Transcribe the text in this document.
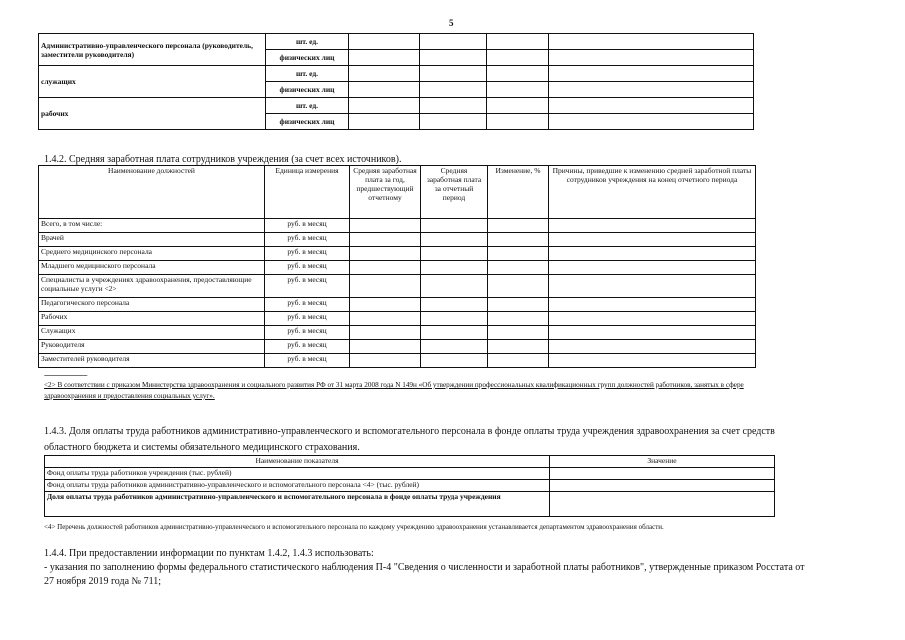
5
Административно-управленческого персонала (руководитель, заместители руководителя)	шт. ед.				
	физических лиц				
служащих	шт. ед.				
	физических лиц				
рабочих	шт. ед.				
	физических лиц				
1.4.2. Средняя заработная плата сотрудников учреждения (за счет всех источников).
Наименование должностей	Единица измерения	Средняя заработная плата за год, предшествующий отчетному	Средняя заработная плата за отчетный период	Изменение, %	Причины, приведшие к изменению средней заработной платы сотрудников учреждения на конец отчетного периода
Всего, в том числе:	руб. в месяц				
Врачей	руб. в месяц				
Среднего медицинского персонала	руб. в месяц				
Младшего медицинского персонала	руб. в месяц				
Специалисты в учреждениях здравоохранения, предоставляющие социальные услуги <2>	руб. в месяц				
Педагогического персонала	руб. в месяц				
Рабочих	руб. в месяц				
Служащих	руб. в месяц				
Руководителя	руб. в месяц				
Заместителей руководителя	руб. в месяц				
--------------------------------
<2> В соответствии с приказом Министерства здравоохранения и социального развития РФ от 31 марта 2008 года N 149н «Об утверждении профессиональных квалификационных групп должностей работников, занятых в сфере здравоохранения и предоставления социальных услуг».
1.4.3. Доля оплаты труда работников административно-управленческого и вспомогательного персонала в фонде оплаты труда учреждения здравоохранения за счет средств областного бюджета и системы обязательного медицинского страхования.
Наименование показателя	Значение
Фонд оплаты труда работников учреждения (тыс. рублей)	
Фонд оплаты труда работников административно-управленческого и вспомогательного персонала <4> (тыс. рублей)	
Доля оплаты труда работников административно-управленческого и вспомогательного персонала в фонде оплаты труда учреждения	
<4> Перечень должностей работников административно-управленческого и вспомогательного персонала по каждому учреждению здравоохранения устанавливается департаментом здравоохранения области.
1.4.4. При предоставлении информации по пунктам 1.4.2, 1.4.3 использовать:
- указания по заполнению формы федерального статистического наблюдения П-4 "Сведения о численности и заработной платы работников", утвержденные приказом Росстата от 27 ноября 2019 года № 711;
